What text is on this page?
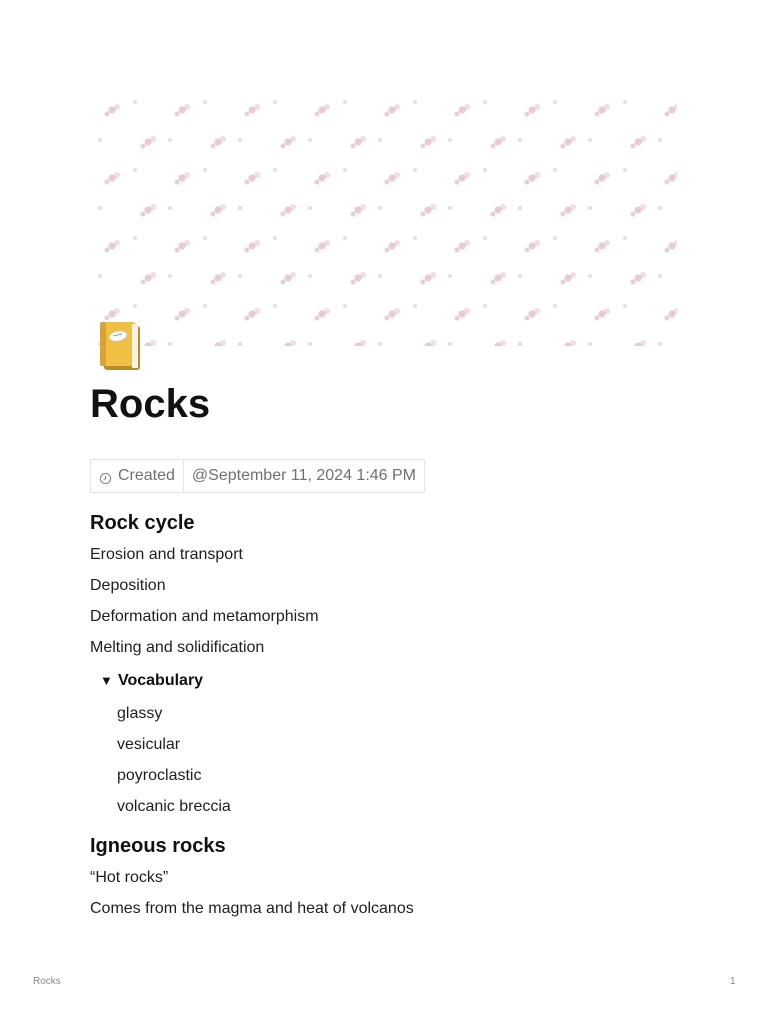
Rocks
Created	@September 11, 2024 1:46 PM
Rock cycle
Erosion and transport
Deposition
Deformation and metamorphism
Melting and solidification
▼ Vocabulary
glassy
vesicular
poyroclastic
volcanic breccia
Igneous rocks
“Hot rocks”
Comes from the magma and heat of volcanos
Rocks	1
